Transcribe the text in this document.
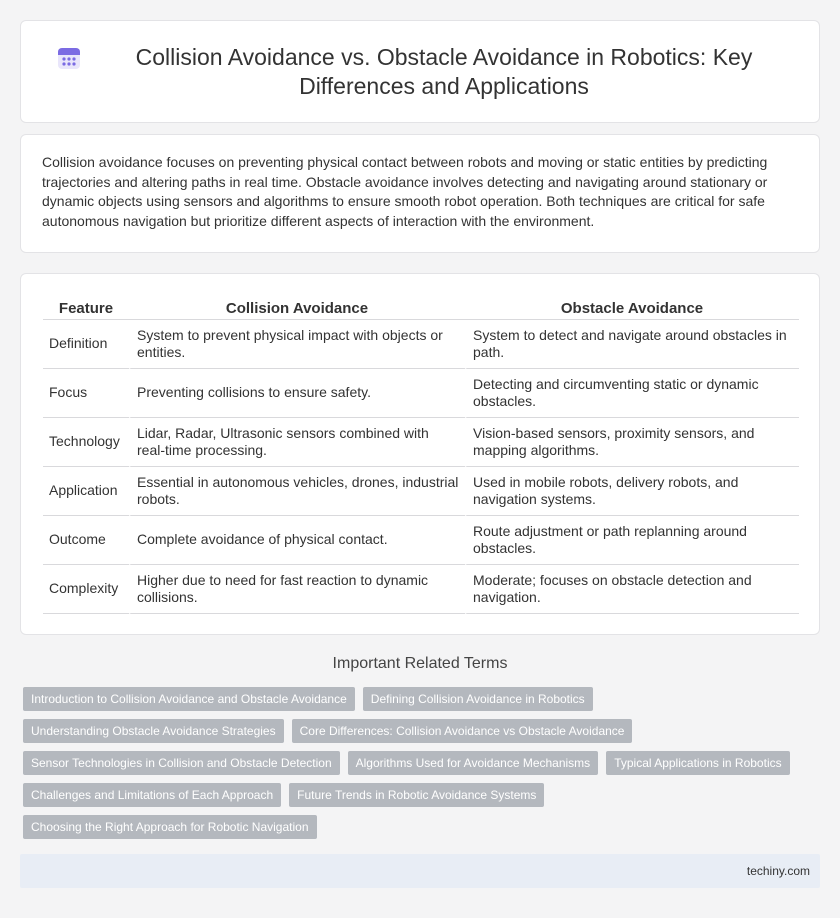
Collision Avoidance vs. Obstacle Avoidance in Robotics: Key Differences and Applications

Collision avoidance focuses on preventing physical contact between robots and moving or static entities by predicting trajectories and altering paths in real time. Obstacle avoidance involves detecting and navigating around stationary or dynamic objects using sensors and algorithms to ensure smooth robot operation. Both techniques are critical for safe autonomous navigation but prioritize different aspects of interaction with the environment.

Feature	Collision Avoidance	Obstacle Avoidance
Definition	System to prevent physical impact with objects or entities.	System to detect and navigate around obstacles in path.
Focus	Preventing collisions to ensure safety.	Detecting and circumventing static or dynamic obstacles.
Technology	Lidar, Radar, Ultrasonic sensors combined with real-time processing.	Vision-based sensors, proximity sensors, and mapping algorithms.
Application	Essential in autonomous vehicles, drones, industrial robots.	Used in mobile robots, delivery robots, and navigation systems.
Outcome	Complete avoidance of physical contact.	Route adjustment or path replanning around obstacles.
Complexity	Higher due to need for fast reaction to dynamic collisions.	Moderate; focuses on obstacle detection and navigation.
Important Related Terms
Introduction to Collision Avoidance and Obstacle Avoidance	Defining Collision Avoidance in Robotics
Understanding Obstacle Avoidance Strategies	Core Differences: Collision Avoidance vs Obstacle Avoidance
Sensor Technologies in Collision and Obstacle Detection	Algorithms Used for Avoidance Mechanisms	Typical Applications in Robotics
Challenges and Limitations of Each Approach	Future Trends in Robotic Avoidance Systems
Choosing the Right Approach for Robotic Navigation
techiny.com
